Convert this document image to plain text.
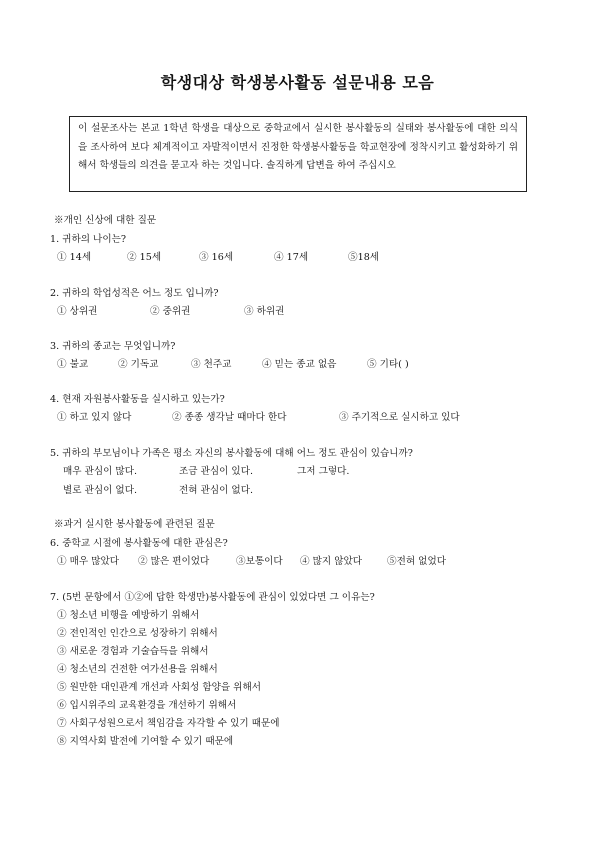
학생대상 학생봉사활동 설문내용 모음
이 설문조사는 본교 1학년 학생을 대상으로 중학교에서 실시한 봉사활동의 실태와 봉사활동에 대한 의식을 조사하여 보다 체계적이고 자발적이면서 진정한 학생봉사활동을 학교현장에 정착시키고 활성화하기 위해서 학생들의 의견을 묻고자 하는 것입니다. 솔직하게 답변을 하여 주십시오
※개인 신상에 대한 질문
1. 귀하의 나이는?
① 14세	② 15세	③ 16세	④ 17세	⑤18세
2. 귀하의 학업성적은 어느 정도 입니까?
① 상위권	② 중위권	③ 하위권
3. 귀하의 종교는 무엇입니까?
① 불교	② 기독교	③ 천주교	④ 믿는 종교 없음	⑤ 기타( )
4. 현재 자원봉사활동을 실시하고 있는가?
① 하고 있지 않다	② 종종 생각날 때마다 한다	③ 주기적으로 실시하고 있다
5. 귀하의 부모님이나 가족은 평소 자신의 봉사활동에 대해 어느 정도 관심이 있습니까?
매우 관심이 많다.	조금 관심이 있다.	그저 그렇다.
별로 관심이 없다.	전혀 관심이 없다.
※과거 실시한 봉사활동에 관련된 질문
6. 중학교 시절에 봉사활동에 대한 관심은?
① 매우 많았다 ② 많은 편이었다	③보통이다 ④ 많지 않았다	⑤전혀 없었다
7. (5번 문항에서 ①②에 답한 학생만)봉사활동에 관심이 있었다면 그 이유는?
① 청소년 비행을 예방하기 위해서
② 전인적인 인간으로 성장하기 위해서
③ 새로운 경험과 기술습득을 위해서
④ 청소년의 건전한 여가선용을 위해서
⑤ 원만한 대인관계 개선과 사회성 함양을 위해서
⑥ 입시위주의 교육환경을 개선하기 위해서
⑦ 사회구성원으로서 책임감을 자각할 수 있기 때문에
⑧ 지역사회 발전에 기여할 수 있기 때문에
